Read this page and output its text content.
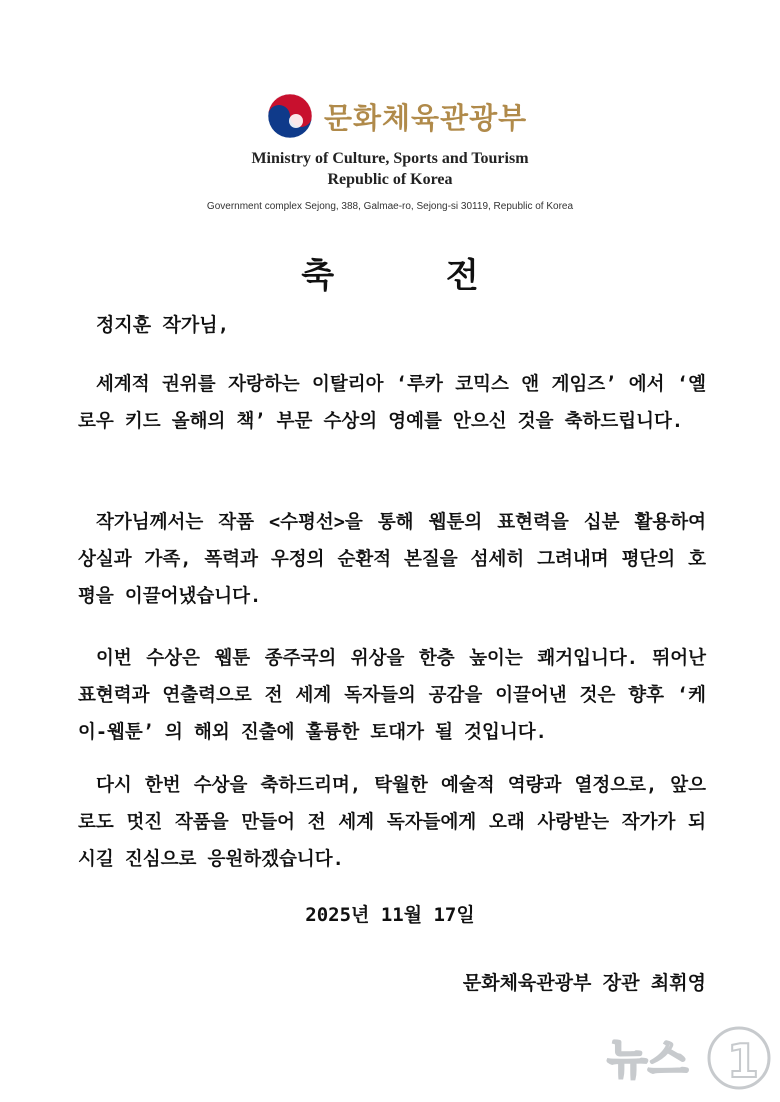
문화체육관광부
Ministry of Culture, Sports and Tourism
Republic of Korea
Government complex Sejong, 388, Galmae-ro, Sejong-si 30119, Republic of Korea
축 전
정지훈 작가님,
세계적 권위를 자랑하는 이탈리아 ‘루카 코믹스 앤 게임즈’ 에서 ‘옐로우 키드 올해의 책’ 부문 수상의 영예를 안으신 것을 축하드립니다.
작가님께서는 작품 <수평선>을 통해 웹툰의 표현력을 십분 활용하여 상실과 가족, 폭력과 우정의 순환적 본질을 섬세히 그려내며 평단의 호평을 이끌어냈습니다.
이번 수상은 웹툰 종주국의 위상을 한층 높이는 쾌거입니다. 뛰어난 표현력과 연출력으로 전 세계 독자들의 공감을 이끌어낸 것은 향후 ‘케이-웹툰’ 의 해외 진출에 훌륭한 토대가 될 것입니다.
다시 한번 수상을 축하드리며, 탁월한 예술적 역량과 열정으로, 앞으로도 멋진 작품을 만들어 전 세계 독자들에게 오래 사랑받는 작가가 되시길 진심으로 응원하겠습니다.
2025년 11월 17일
문화체육관광부 장관 최휘영
뉴스 1
